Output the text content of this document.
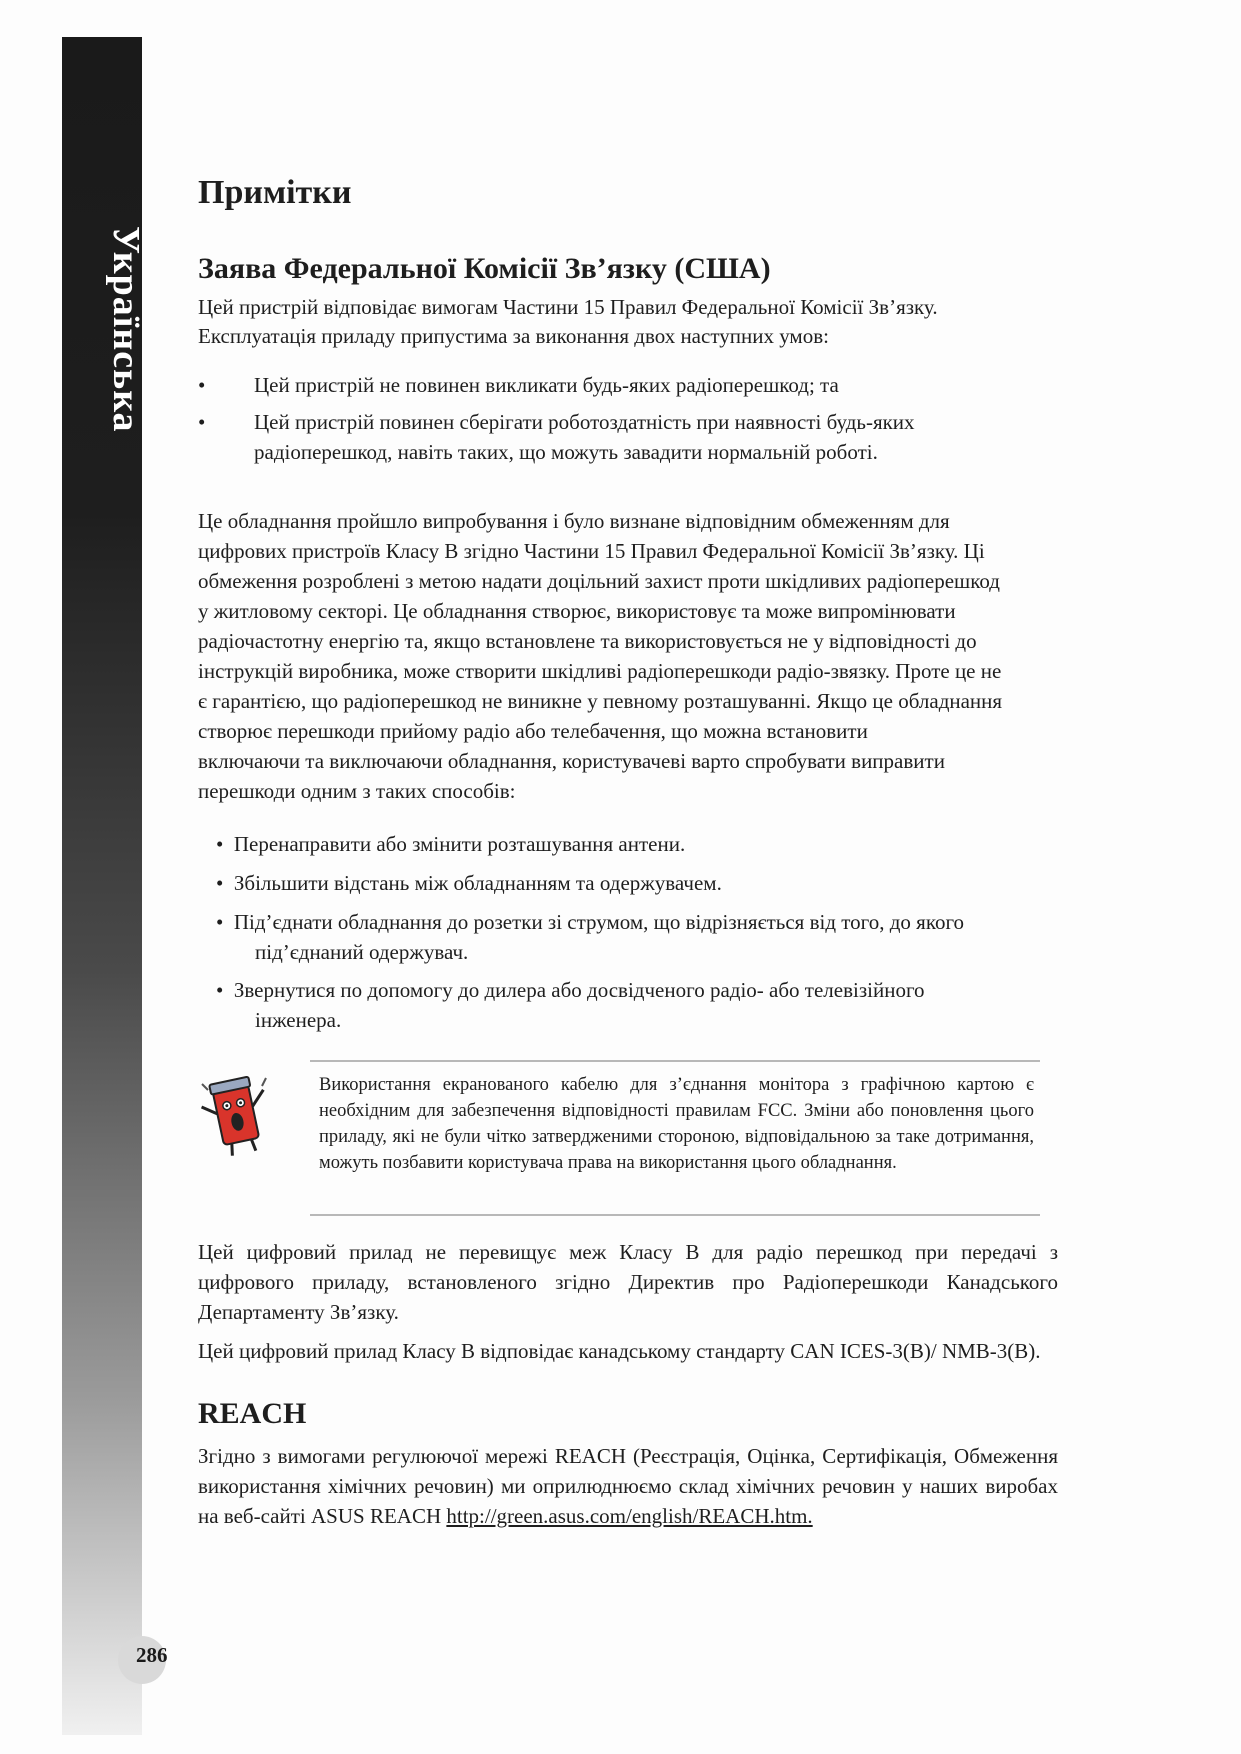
Українська
286
Примітки
Заява Федеральної Комісії Зв’язку (США)

Цей пристрій відповідає вимогам Частини 15 Правил Федеральної Комісії Зв’язку.

Експлуатація приладу припустима за виконання двох наступних умов:

• Цей пристрій не повинен викликати будь-яких радіоперешкод; та
• Цей пристрій повинен сберігати роботоздатність при наявності будь-яких радіоперешкод, навіть таких, що можуть завадити нормальній роботі.

Це обладнання пройшло випробування і було визнане відповідним обмеженням для

цифрових пристроїв Класу В згідно Частини 15 Правил Федеральної Комісії Зв’язку. Ці

обмеження розроблені з метою надати доцільний захист проти шкідливих радіоперешкод

у житловому секторі. Це обладнання створює, використовує та може випромінювати

радіочастотну енергію та, якщо встановлене та використовується не у відповідності до

інструкцій виробника, може створити шкідливі радіоперешкоди радіо-звязку. Проте це не

є гарантією, що радіоперешкод не виникне у певному розташуванні. Якщо це обладнання

створює перешкоди прийому радіо або телебачення, що можна встановити

включаючи та виключаючи обладнання, користувачеві варто спробувати виправити

перешкоди одним з таких способів:

•  Перенаправити або змінити розташування антени.
•  Збільшити відстань між обладнанням та одержувачем.
•  Під’єднати обладнання до розетки зі струмом, що відрізняється від того, до якого під’єднаний одержувач.
•  Звернутися по допомогу до дилера або досвідченого радіо- або телевізійного інженера.

Використання екранованого кабелю для з’єднання монітора з графічною картою є необхідним для забезпечення відповідності правилам FCC. Зміни або поновлення цього приладу, які не були чітко затвердженими стороною, відповідальною за таке дотримання, можуть позбавити користувача права на використання цього обладнання.

Цей цифровий прилад не перевищує меж Класу В для радіо перешкод при передачі з цифрового приладу, встановленого згідно Директив про Радіоперешкоди Канадського Департаменту Зв’язку.

Цей цифровий прилад Класу В відповідає канадському стандарту CAN ICES-3(B)/ NMB-3(B).

REACH

Згідно з вимогами регулюючої мережі REACH (Реєстрація, Оцінка, Сертифікація, Обмеження використання хімічних речовин) ми оприлюднюємо склад хімічних речовин у наших виробах на веб-сайті ASUS REACH http://green.asus.com/english/REACH.htm.
